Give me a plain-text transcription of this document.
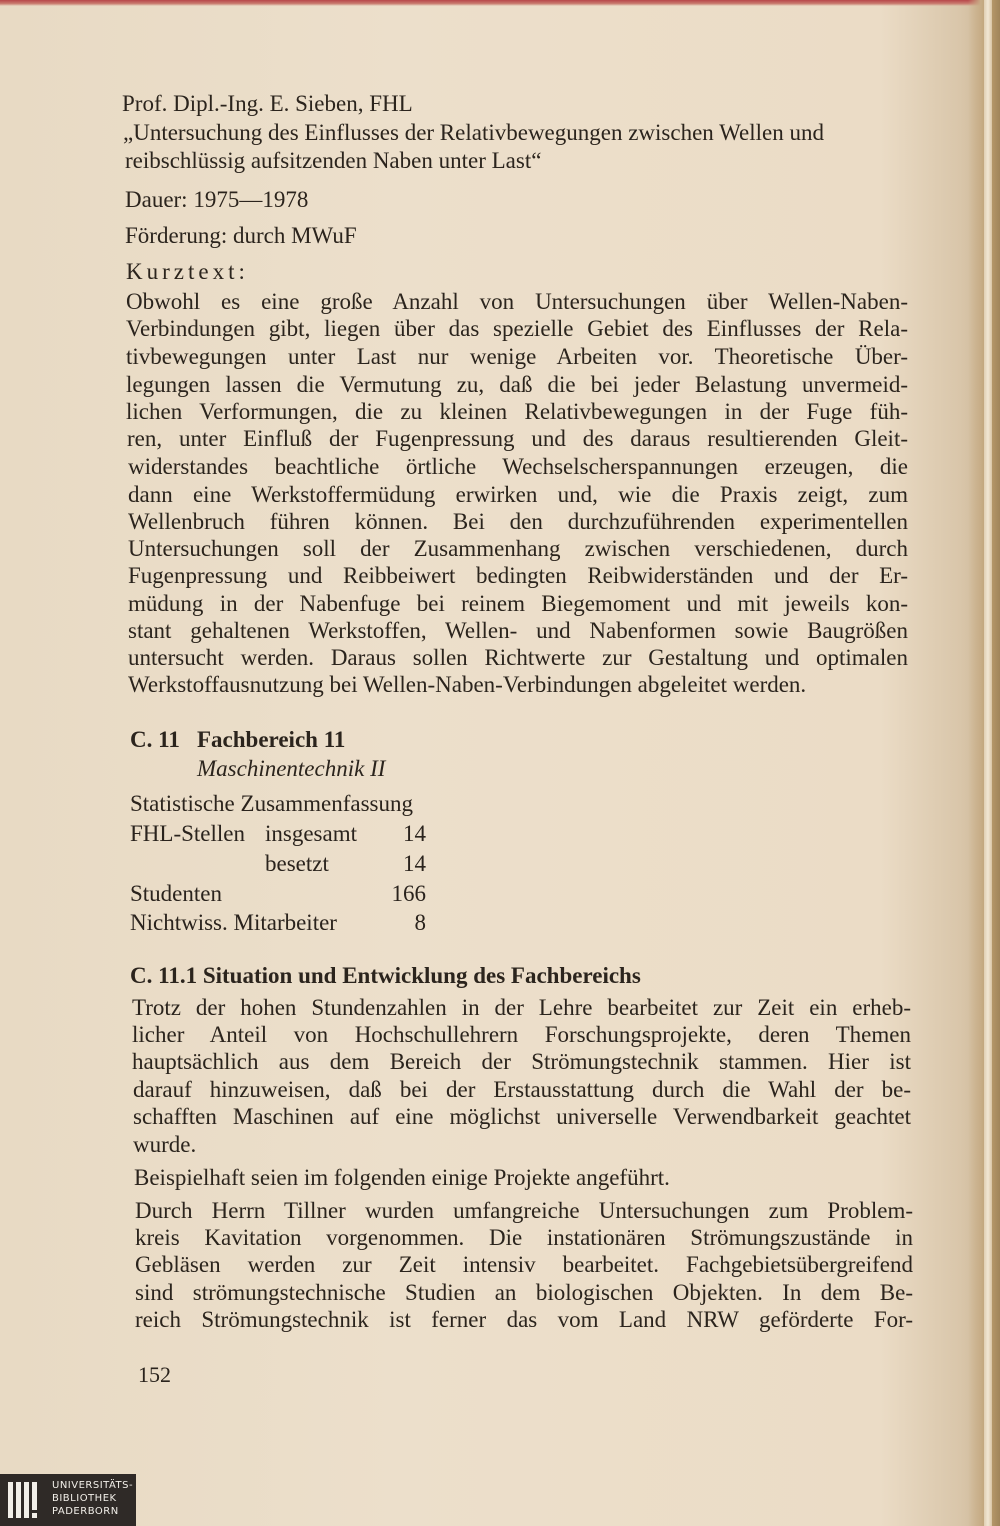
Prof. Dipl.-Ing. E. Sieben, FHL
„Untersuchung des Einflusses der Relativbewegungen zwischen Wellen und
reibschlüssig aufsitzenden Naben unter Last“
Dauer: 1975—1978
Förderung: durch MWuF
Kurztext:
Obwohl es eine große Anzahl von Untersuchungen über Wellen-Naben-
Verbindungen gibt, liegen über das spezielle Gebiet des Einflusses der Rela-
tivbewegungen unter Last nur wenige Arbeiten vor. Theoretische Über-
legungen lassen die Vermutung zu, daß die bei jeder Belastung unvermeid-
lichen Verformungen, die zu kleinen Relativbewegungen in der Fuge füh-
ren, unter Einfluß der Fugenpressung und des daraus resultierenden Gleit-
widerstandes beachtliche örtliche Wechselscherspannungen erzeugen, die
dann eine Werkstoffermüdung erwirken und, wie die Praxis zeigt, zum
Wellenbruch führen können. Bei den durchzuführenden experimentellen
Untersuchungen soll der Zusammenhang zwischen verschiedenen, durch
Fugenpressung und Reibbeiwert bedingten Reibwiderständen und der Er-
müdung in der Nabenfuge bei reinem Biegemoment und mit jeweils kon-
stant gehaltenen Werkstoffen, Wellen- und Nabenformen sowie Baugrößen
untersucht werden. Daraus sollen Richtwerte zur Gestaltung und optimalen
Werkstoffausnutzung bei Wellen-Naben-Verbindungen abgeleitet werden.
C. 11 Fachbereich 11
Maschinentechnik II
Statistische Zusammenfassung
FHL-Stellen insgesamt	14
besetzt	14
Studenten	166
Nichtwiss. Mitarbeiter	8
C. 11.1 Situation und Entwicklung des Fachbereichs
Trotz der hohen Stundenzahlen in der Lehre bearbeitet zur Zeit ein erheb-
licher Anteil von Hochschullehrern Forschungsprojekte, deren Themen
hauptsächlich aus dem Bereich der Strömungstechnik stammen. Hier ist
darauf hinzuweisen, daß bei der Erstausstattung durch die Wahl der be-
schafften Maschinen auf eine möglichst universelle Verwendbarkeit geachtet
wurde.
Beispielhaft seien im folgenden einige Projekte angeführt.
Durch Herrn Tillner wurden umfangreiche Untersuchungen zum Problem-
kreis Kavitation vorgenommen. Die instationären Strömungszustände in
Gebläsen werden zur Zeit intensiv bearbeitet. Fachgebietsübergreifend
sind strömungstechnische Studien an biologischen Objekten. In dem Be-
reich Strömungstechnik ist ferner das vom Land NRW geförderte For-
152
UNIVERSITÄTS-
BIBLIOTHEK
PADERBORN
